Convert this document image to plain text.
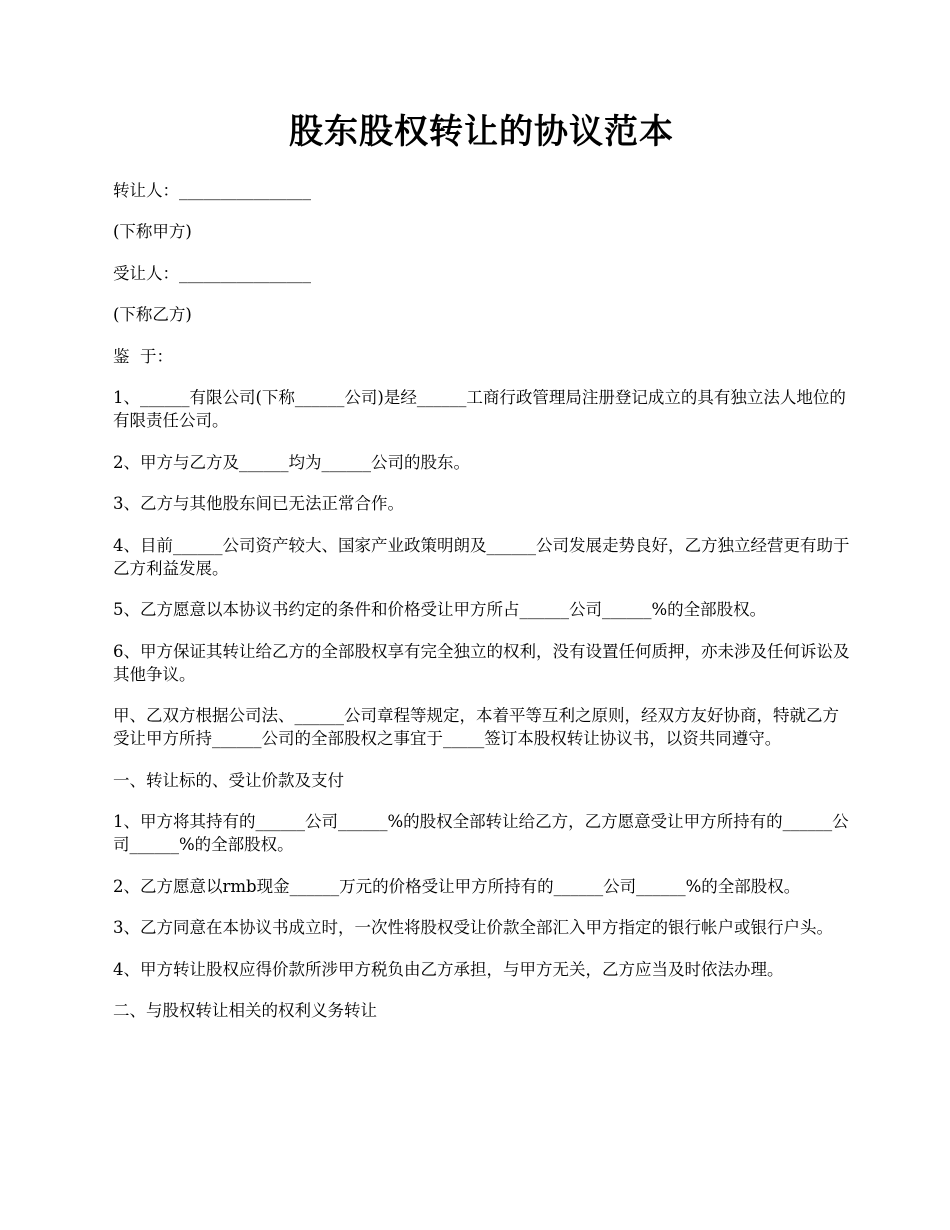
股东股权转让的协议范本

转让人：________________

(下称甲方)

受让人：________________

(下称乙方)

鉴  于：

1、______有限公司(下称______公司)是经______工商行政管理局注册登记成立的具有独立法人地位的有限责任公司。

2、甲方与乙方及______均为______公司的股东。

3、乙方与其他股东间已无法正常合作。

4、目前______公司资产较大、国家产业政策明朗及______公司发展走势良好，乙方独立经营更有助于乙方利益发展。

5、乙方愿意以本协议书约定的条件和价格受让甲方所占______公司______%的全部股权。

6、甲方保证其转让给乙方的全部股权享有完全独立的权利，没有设置任何质押，亦未涉及任何诉讼及其他争议。

甲、乙双方根据公司法、______公司章程等规定，本着平等互利之原则，经双方友好协商，特就乙方受让甲方所持______公司的全部股权之事宜于_____签订本股权转让协议书，以资共同遵守。

一、转让标的、受让价款及支付

1、甲方将其持有的______公司______%的股权全部转让给乙方，乙方愿意受让甲方所持有的______公司______%的全部股权。

2、乙方愿意以rmb现金______万元的价格受让甲方所持有的______公司______%的全部股权。

3、乙方同意在本协议书成立时，一次性将股权受让价款全部汇入甲方指定的银行帐户或银行户头。

4、甲方转让股权应得价款所涉甲方税负由乙方承担，与甲方无关，乙方应当及时依法办理。

二、与股权转让相关的权利义务转让
